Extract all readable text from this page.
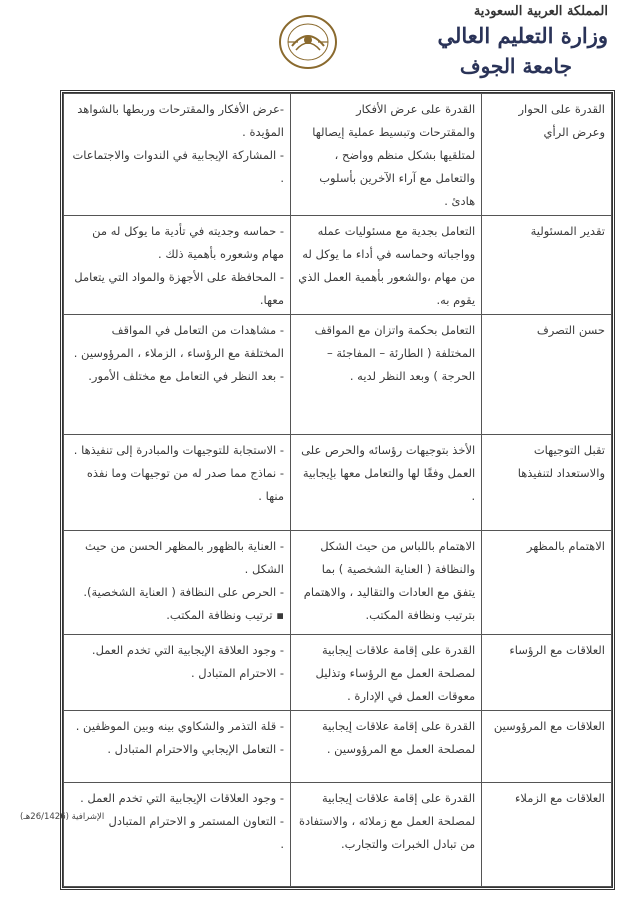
المملكة العربية السعودية
وزارة التعليم العالي
جامعة الجوف
القدرة على الحوار وعرض الرأي	القدرة على عرض الأفكار والمقترحات وتبسيط عملية إيصالها لمتلقيها بشكل منظم وواضح ، والتعامل مع آراء الآخرين بأسلوب هادئ .	-عرض الأفكار والمقترحات وربطها بالشواهد المؤيدة .
- المشاركة الإيجابية في الندوات والاجتماعات .

تقدير المسئولية	التعامل بجدية مع مسئوليات عمله وواجباته وحماسه في أداء ما يوكل له من مهام ،والشعور بأهمية العمل الذي يقوم به.	- حماسه وجديته في تأدية ما يوكل له من مهام وشعوره بأهمية ذلك .
- المحافظة على الأجهزة والمواد التي يتعامل معها.

حسن التصرف	التعامل بحكمة واتزان مع المواقف المختلفة ( الطارئة – المفاجئة – الحرجة ) وبعد النظر لديه .	- مشاهدات من التعامل في المواقف المختلفة مع الرؤساء ، الزملاء ، المرؤوسين .
- بعد النظر في التعامل مع مختلف الأمور.

تقبل التوجيهات والاستعداد لتنفيذها	الأخذ بتوجيهات رؤسائه والحرص على العمل وفقًا لها والتعامل معها بإيجابية .	- الاستجابة للتوجيهات والمبادرة إلى تنفيذها .
- نماذج مما صدر له من توجيهات وما نفذه منها .

الاهتمام بالمظهر	الاهتمام باللباس من حيث الشكل والنظافة ( العناية الشخصية ) بما يتفق مع العادات والتقاليد ، والاهتمام بترتيب ونظافة المكتب.	- العناية بالظهور بالمظهر الحسن من حيث الشكل .
- الحرص على النظافة ( العناية الشخصية).
▪ ترتيب ونظافة المكتب.

العلاقات مع الرؤساء	القدرة على إقامة علاقات إيجابية لمصلحة العمل مع الرؤساء وتذليل معوقات العمل في الإدارة .	- وجود العلاقة الإيجابية التي تخدم العمل.
- الاحترام المتبادل .

العلاقات مع المرؤوسين	القدرة على إقامة علاقات إيجابية لمصلحة العمل مع المرؤوسين .	- قلة التذمر والشكاوي بينه وبين الموظفين .
- التعامل الإيجابي والاحترام المتبادل .

العلاقات مع الزملاء	القدرة على إقامة علاقات إيجابية لمصلحة العمل مع زملائه ، والاستفادة من تبادل الخبرات والتجارب.	- وجود العلاقات الإيجابية التي تخدم العمل .
- التعاون المستمر و الاحترام المتبادل
.
الإشرافية (26/1426هـ)
